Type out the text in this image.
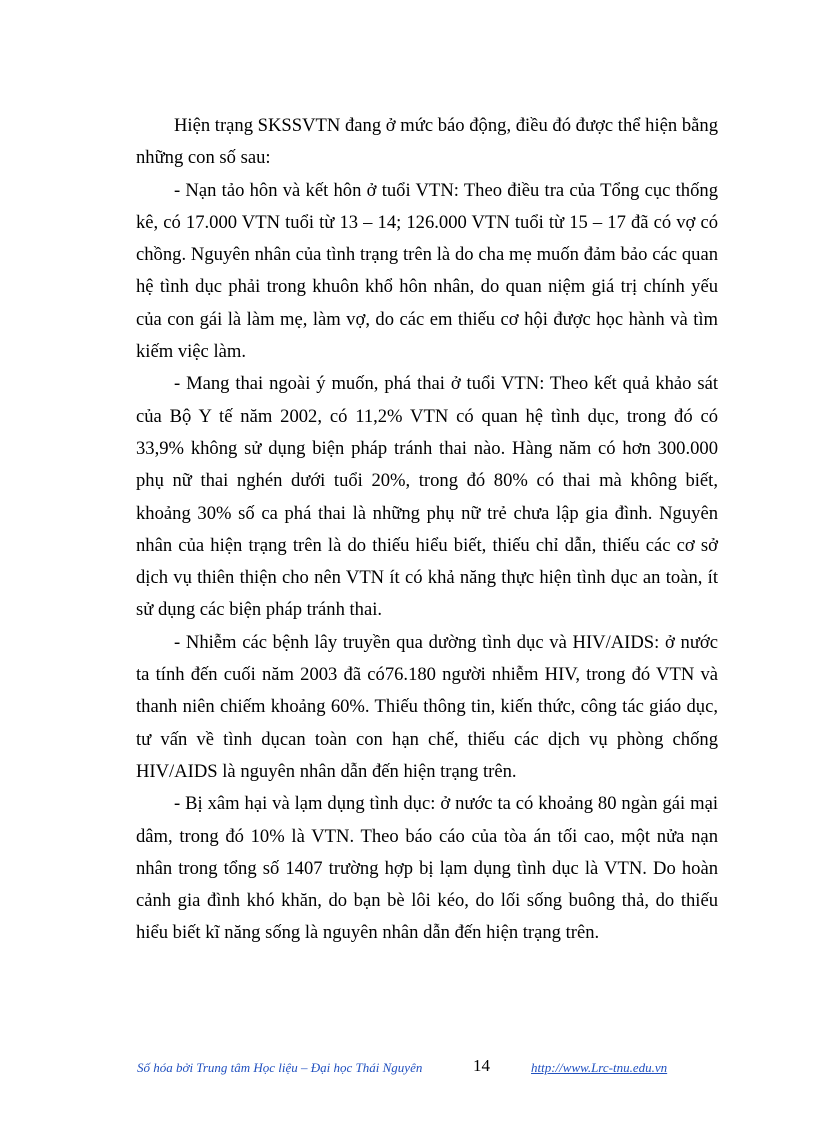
Hiện trạng SKSSVTN đang ở mức báo động, điều đó được thể hiện bằng những con số sau:

- Nạn tảo hôn và kết hôn ở tuổi VTN: Theo điều tra của Tổng cục thống kê, có 17.000 VTN tuổi từ 13 – 14; 126.000 VTN tuổi từ 15 – 17 đã có vợ có chồng. Nguyên nhân của tình trạng trên là do cha mẹ muốn đảm bảo các quan hệ tình dục phải trong khuôn khổ hôn nhân, do quan niệm giá trị chính yếu của con gái là làm mẹ, làm vợ, do các em thiếu cơ hội được học hành và tìm kiếm việc làm.

- Mang thai ngoài ý muốn, phá thai ở tuổi VTN: Theo kết quả khảo sát của Bộ Y tế năm 2002, có 11,2% VTN có quan hệ tình dục, trong đó có 33,9% không sử dụng biện pháp tránh thai nào. Hàng năm có hơn 300.000 phụ nữ thai nghén dưới tuổi 20%, trong đó 80% có thai mà không biết, khoảng 30% số ca phá thai là những phụ nữ trẻ chưa lập gia đình. Nguyên nhân của hiện trạng trên là do thiếu hiểu biết, thiếu chỉ dẫn, thiếu các cơ sở dịch vụ thiên thiện cho nên VTN ít có khả năng thực hiện tình dục an toàn, ít sử dụng các biện pháp tránh thai.

- Nhiễm các bệnh lây truyền qua dường tình dục và HIV/AIDS: ở nước ta tính đến cuối năm 2003 đã có76.180 người nhiễm HIV, trong đó VTN và thanh niên chiếm khoảng 60%. Thiếu thông tin, kiến thức, công tác giáo dục, tư vấn về tình dụcan toàn con hạn chế, thiếu các dịch vụ phòng chống HIV/AIDS là nguyên nhân dẫn đến hiện trạng trên.

- Bị xâm hại và lạm dụng tình dục: ở nước ta có khoảng 80 ngàn gái mại dâm, trong đó 10% là VTN. Theo báo cáo của tòa án tối cao, một nửa nạn nhân trong tổng số 1407 trường hợp bị lạm dụng tình dục là VTN. Do hoàn cảnh gia đình khó khăn, do bạn bè lôi kéo, do lối sống buông thả, do thiếu hiểu biết kĩ năng sống là nguyên nhân dẫn đến hiện trạng trên.

Số hóa bởi Trung tâm Học liệu – Đại học Thái Nguyên	14	http://www.Lrc-tnu.edu.vn
